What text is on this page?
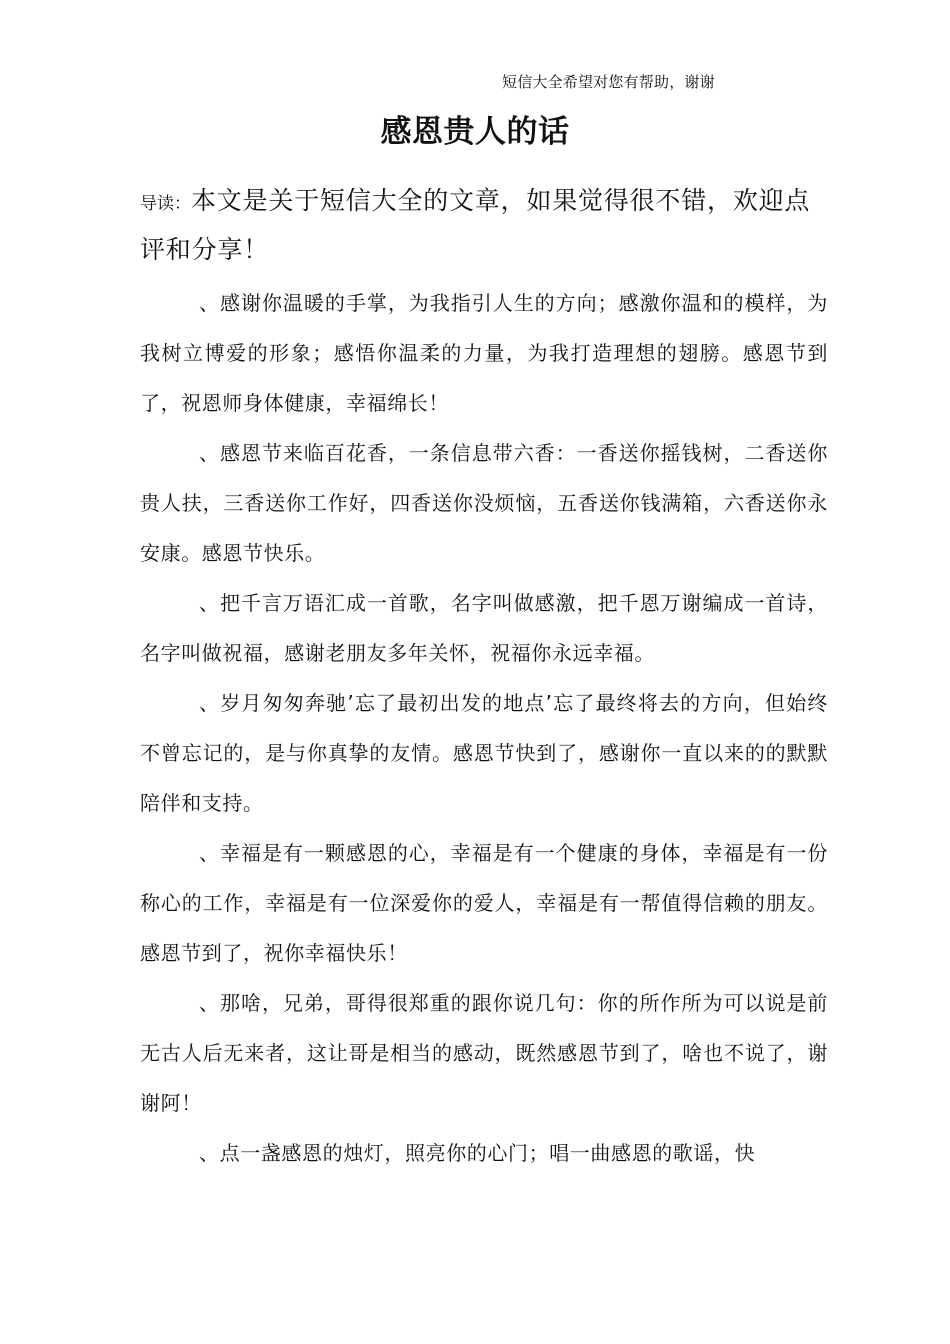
短信大全希望对您有帮助，谢谢
感恩贵人的话

导读：本文是关于短信大全的文章，如果觉得很不错，欢迎点评和分享！

、感谢你温暖的手掌，为我指引人生的方向；感激你温和的模样，为我树立博爱的形象；感悟你温柔的力量，为我打造理想的翅膀。感恩节到了，祝恩师身体健康，幸福绵长！

、感恩节来临百花香，一条信息带六香：一香送你摇钱树，二香送你贵人扶，三香送你工作好，四香送你没烦恼，五香送你钱满箱，六香送你永安康。感恩节快乐。

、把千言万语汇成一首歌，名字叫做感激，把千恩万谢编成一首诗，名字叫做祝福，感谢老朋友多年关怀，祝福你永远幸福。

、岁月匆匆奔驰’忘了最初出发的地点’忘了最终将去的方向，但始终不曾忘记的，是与你真挚的友情。感恩节快到了，感谢你一直以来的的默默陪伴和支持。

、幸福是有一颗感恩的心，幸福是有一个健康的身体，幸福是有一份称心的工作，幸福是有一位深爱你的爱人，幸福是有一帮值得信赖的朋友。感恩节到了，祝你幸福快乐！

、那啥，兄弟，哥得很郑重的跟你说几句：你的所作所为可以说是前无古人后无来者，这让哥是相当的感动，既然感恩节到了，啥也不说了，谢谢阿！

、点一盏感恩的烛灯，照亮你的心门；唱一曲感恩的歌谣，快
